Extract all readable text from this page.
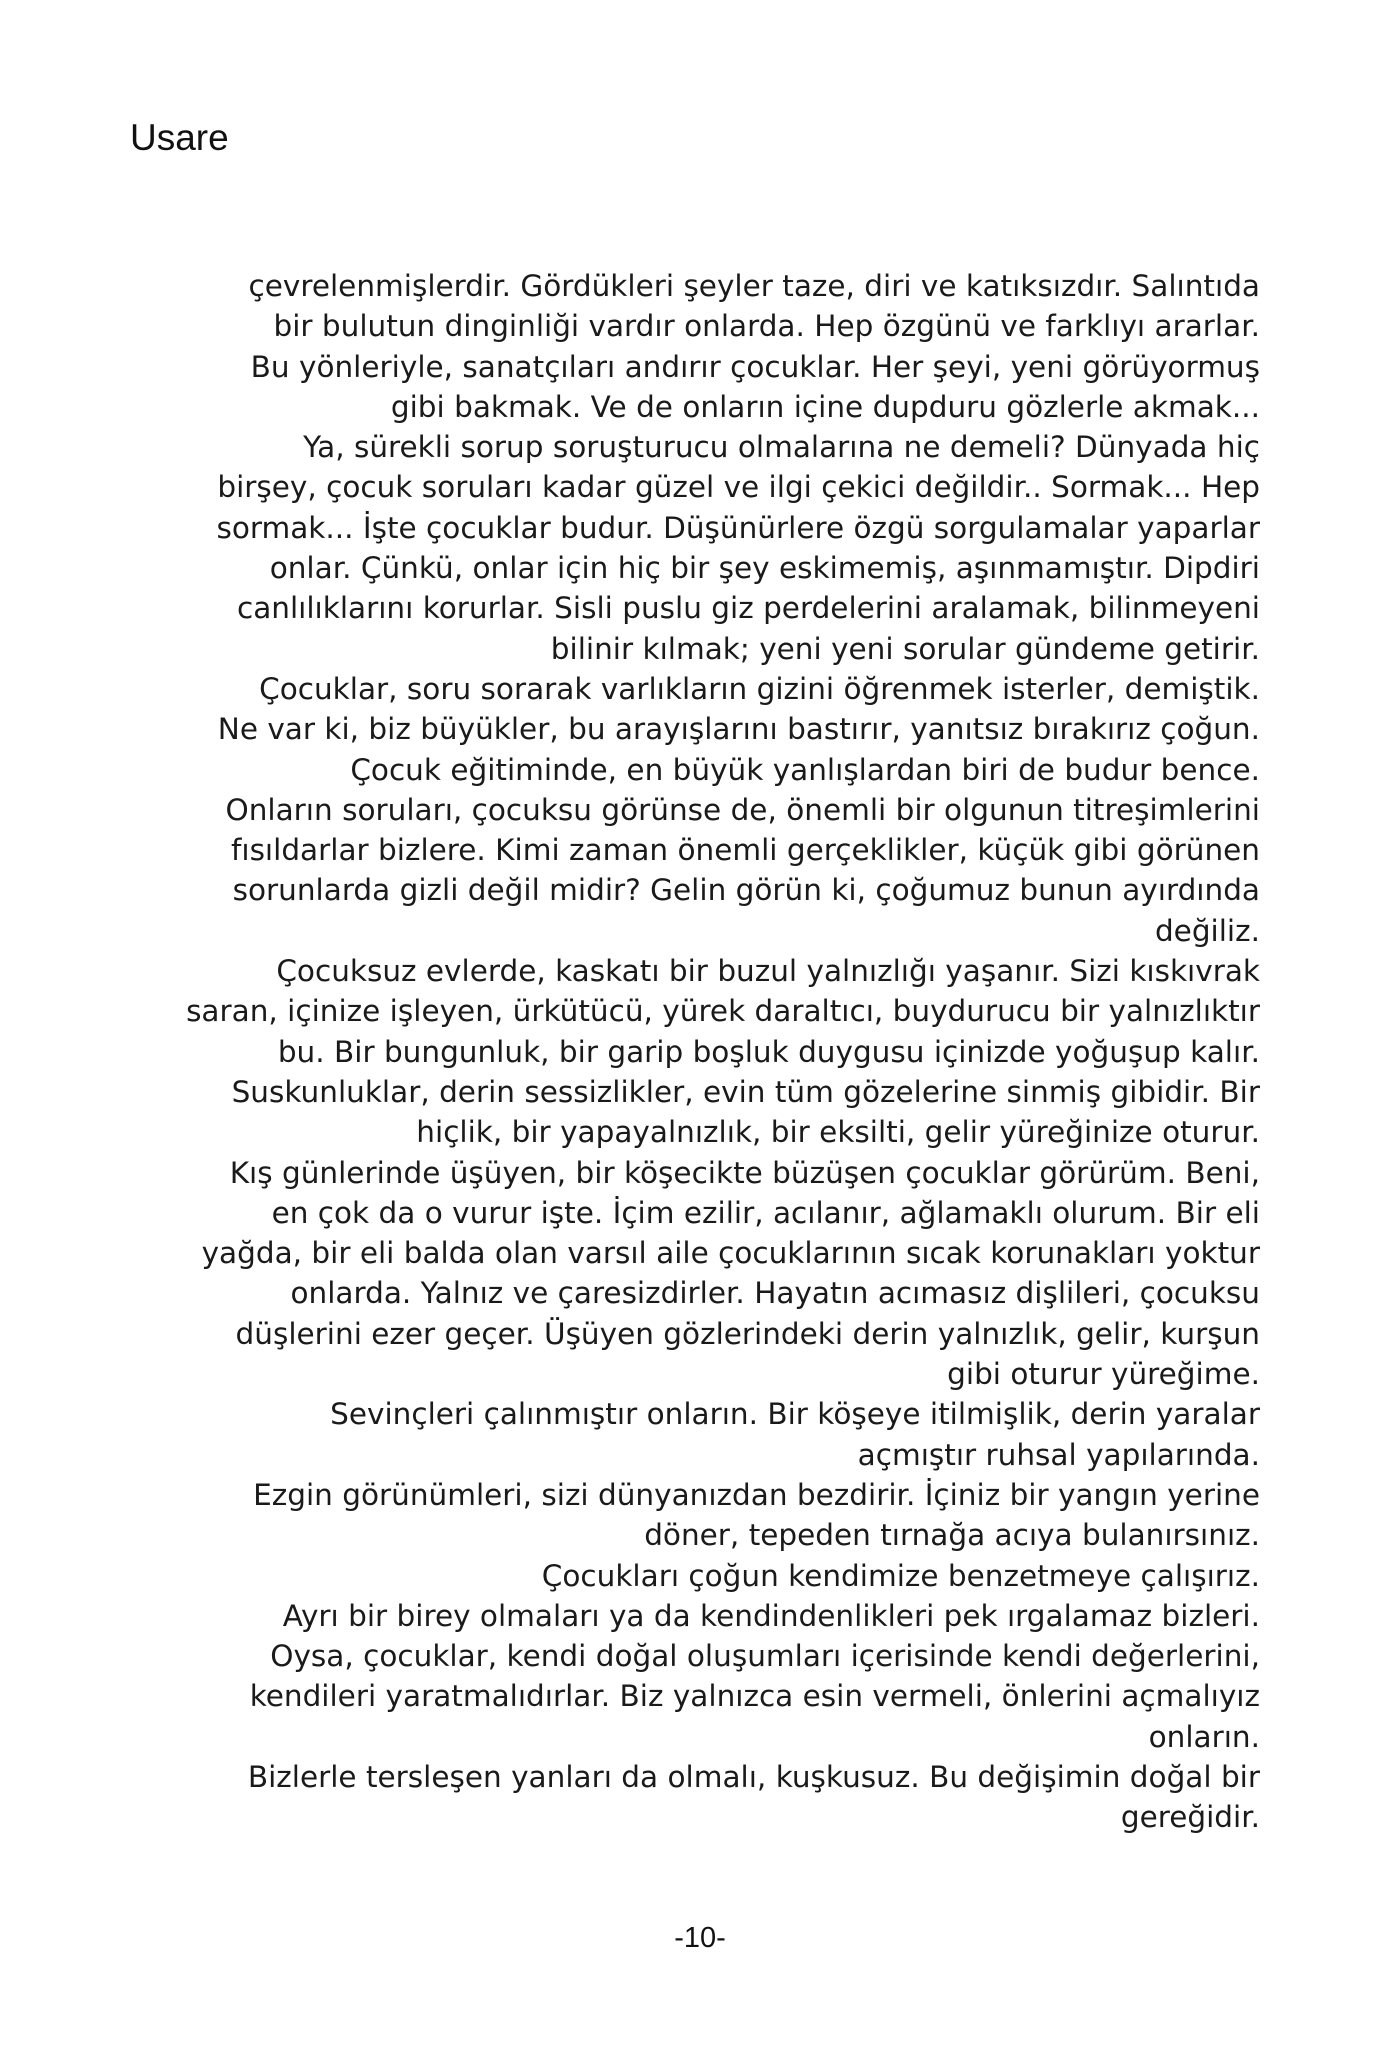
Usare
çevrelenmişlerdir. Gördükleri şeyler taze, diri ve katıksızdır. Salıntıda
bir bulutun dinginliği vardır onlarda. Hep özgünü ve farklıyı ararlar.
Bu yönleriyle, sanatçıları andırır çocuklar. Her şeyi, yeni görüyormuş
gibi bakmak. Ve de onların içine dupduru gözlerle akmak...
Ya, sürekli sorup soruşturucu olmalarına ne demeli? Dünyada hiç
birşey, çocuk soruları kadar güzel ve ilgi çekici değildir.. Sormak... Hep
sormak... İşte çocuklar budur. Düşünürlere özgü sorgulamalar yaparlar
onlar. Çünkü, onlar için hiç bir şey eskimemiş, aşınmamıştır. Dipdiri
canlılıklarını korurlar. Sisli puslu giz perdelerini aralamak, bilinmeyeni
bilinir kılmak; yeni yeni sorular gündeme getirir.
Çocuklar, soru sorarak varlıkların gizini öğrenmek isterler, demiştik.
Ne var ki, biz büyükler, bu arayışlarını bastırır, yanıtsız bırakırız çoğun.
Çocuk eğitiminde, en büyük yanlışlardan biri de budur bence.
Onların soruları, çocuksu görünse de, önemli bir olgunun titreşimlerini
fısıldarlar bizlere. Kimi zaman önemli gerçeklikler, küçük gibi görünen
sorunlarda gizli değil midir? Gelin görün ki, çoğumuz bunun ayırdında
değiliz.
Çocuksuz evlerde, kaskatı bir buzul yalnızlığı yaşanır. Sizi kıskıvrak
saran, içinize işleyen, ürkütücü, yürek daraltıcı, buydurucu bir yalnızlıktır
bu. Bir bungunluk, bir garip boşluk duygusu içinizde yoğuşup kalır.
Suskunluklar, derin sessizlikler, evin tüm gözelerine sinmiş gibidir. Bir
hiçlik, bir yapayalnızlık, bir eksilti, gelir yüreğinize oturur.
Kış günlerinde üşüyen, bir köşecikte büzüşen çocuklar görürüm. Beni,
en çok da o vurur işte. İçim ezilir, acılanır, ağlamaklı olurum. Bir eli
yağda, bir eli balda olan varsıl aile çocuklarının sıcak korunakları yoktur
onlarda. Yalnız ve çaresizdirler. Hayatın acımasız dişlileri, çocuksu
düşlerini ezer geçer. Üşüyen gözlerindeki derin yalnızlık, gelir, kurşun
gibi oturur yüreğime.
Sevinçleri çalınmıştır onların. Bir köşeye itilmişlik, derin yaralar
açmıştır ruhsal yapılarında.
Ezgin görünümleri, sizi dünyanızdan bezdirir. İçiniz bir yangın yerine
döner, tepeden tırnağa acıya bulanırsınız.
Çocukları çoğun kendimize benzetmeye çalışırız.
Ayrı bir birey olmaları ya da kendindenlikleri pek ırgalamaz bizleri.
Oysa, çocuklar, kendi doğal oluşumları içerisinde kendi değerlerini,
kendileri yaratmalıdırlar. Biz yalnızca esin vermeli, önlerini açmalıyız
onların.
Bizlerle tersleşen yanları da olmalı, kuşkusuz. Bu değişimin doğal bir
gereğidir.
-10-
